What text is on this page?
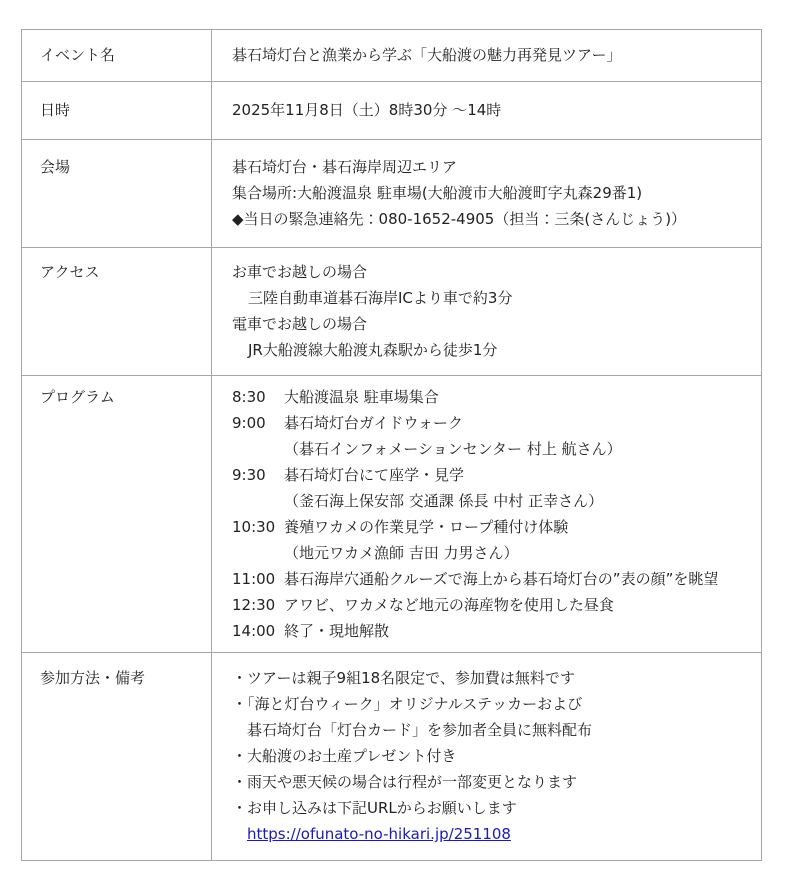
イベント名	碁石埼灯台と漁業から学ぶ「大船渡の魅力再発見ツアー」

日時	2025年11月8日（土）8時30分 ～14時

会場	碁石埼灯台・碁石海岸周辺エリア
集合場所:大船渡温泉 駐車場(大船渡市大船渡町字丸森29番1)
◆当日の緊急連絡先：080-1652-4905（担当：三条(さんじょう)）

アクセス	お車でお越しの場合
三陸自動車道碁石海岸ICより車で約3分
電車でお越しの場合
JR大船渡線大船渡丸森駅から徒歩1分

プログラム	8:30	大船渡温泉 駐車場集合
9:00	碁石埼灯台ガイドウォーク
（碁石インフォメーションセンター 村上 航さん）
9:30	碁石埼灯台にて座学・見学
（釜石海上保安部 交通課 係長 中村 正幸さん）
10:30 養殖ワカメの作業見学・ロープ種付け体験
（地元ワカメ漁師 吉田 力男さん）
11:00 碁石海岸穴通船クルーズで海上から碁石埼灯台の”表の顔”を眺望
12:30 アワビ、ワカメなど地元の海産物を使用した昼食
14:00 終了・現地解散

参加方法・備考	・ツアーは親子9組18名限定で、参加費は無料です
・「海と灯台ウィーク」オリジナルステッカーおよび
碁石埼灯台「灯台カード」を参加者全員に無料配布
・大船渡のお土産プレゼント付き
・雨天や悪天候の場合は行程が一部変更となります
・お申し込みは下記URLからお願いします
https://ofunato-no-hikari.jp/251108
